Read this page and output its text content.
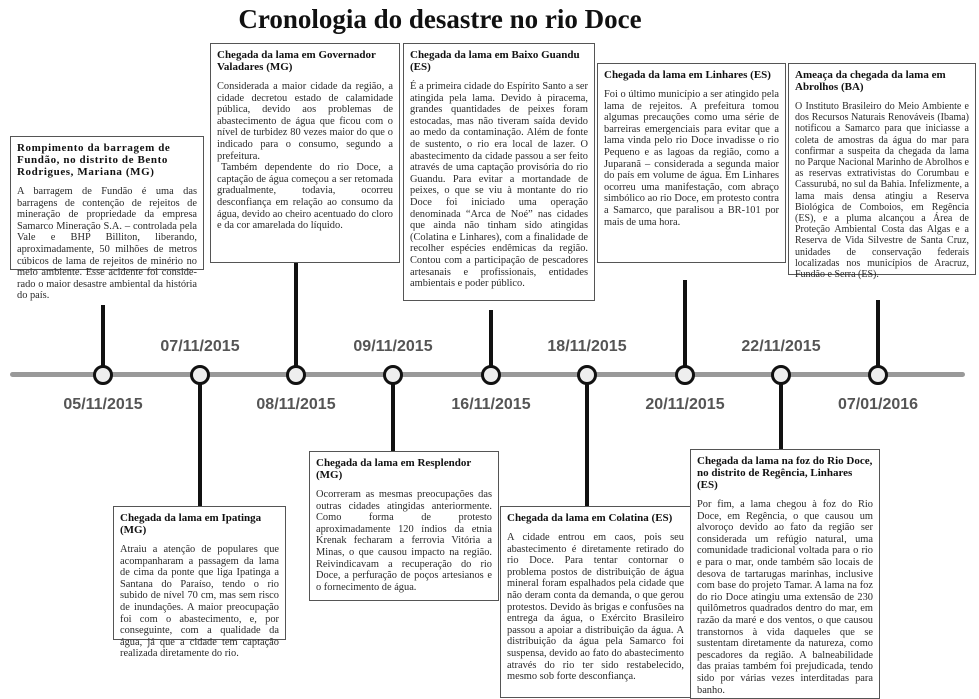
Cronologia do desastre no rio Doce
05/11/2015
07/11/2015
08/11/2015
09/11/2015
16/11/2015
18/11/2015
20/11/2015
22/11/2015
07/01/2016
Rompimento da barragem de Fundão, no distrito de Bento Rodrigues, Mariana (MG)

A barragem de Fundão é uma das barragens de contenção de rejeitos de mineração de propriedade da empresa Samarco Mineração S.A. – controlada pela Vale e BHP Billiton, liberando, aproximadamente, 50 milhões de metros cúbicos de lama de rejeitos de minério no meio ambiente. Esse acidente foi conside-rado o maior desastre ambiental da história do país.

Chegada da lama em Ipatinga (MG)

Atraiu a atenção de populares que acompanharam a passagem da lama de cima da ponte que liga Ipatinga a Santana do Paraíso, tendo o rio subido de nível 70 cm, mas sem risco de inundações. A maior preocupação foi com o abastecimento, e, por conseguinte, com a qualidade da água, já que a cidade tem captação realizada diretamente do rio.

Chegada da lama em Governador Valadares (MG)

Considerada a maior cidade da região, a cidade decretou estado de calamidade pública, devido aos problemas de abastecimento de água que ficou com o nível de turbidez 80 vezes maior do que o indicado para o consumo, segundo a prefeitura.

Também dependente do rio Doce, a captação de água começou a ser retomada gradualmente, todavia, ocorreu desconfiança em relação ao consumo da água, devido ao cheiro acentuado do cloro e da cor amarelada do líquido.

Chegada da lama em Resplendor (MG)

Ocorreram as mesmas preocupações das outras cidades atingidas anteriormente. Como forma de protesto aproximadamente 120 índios da etnia Krenak fecharam a ferrovia Vitória a Minas, o que causou impacto na região. Reivindicavam a recuperação do rio Doce, a perfuração de poços artesianos e o fornecimento de água.

Chegada da lama em Baixo Guandu (ES)

É a primeira cidade do Espírito Santo a ser atingida pela lama. Devido à piracema, grandes quantidades de peixes foram estocadas, mas não tiveram saída devido ao medo da contaminação. Além de fonte de sustento, o rio era local de lazer. O abastecimento da cidade passou a ser feito através de uma captação provisória do rio Guandu. Para evitar a mortandade de peixes, o que se viu à montante do rio Doce foi iniciado uma operação denominada “Arca de Noé” nas cidades que ainda não tinham sido atingidas (Colatina e Linhares), com a finalidade de recolher espécies endêmicas da região. Contou com a participação de pescadores artesanais e profissionais, entidades ambientais e poder público.

Chegada da lama em Colatina (ES)

A cidade entrou em caos, pois seu abastecimento é diretamente retirado do rio Doce. Para tentar contornar o problema postos de distribuição de água mineral foram espalhados pela cidade que não deram conta da demanda, o que gerou protestos. Devido às brigas e confusões na entrega da água, o Exército Brasileiro passou a apoiar a distribuição da água. A distribuição da água pela Samarco foi suspensa, devido ao fato do abastecimento através do rio ter sido restabelecido, mesmo sob forte desconfiança.

Chegada da lama em Linhares (ES)

Foi o último município a ser atingido pela lama de rejeitos. A prefeitura tomou algumas precauções como uma série de barreiras emergenciais para evitar que a lama vinda pelo rio Doce invadisse o rio Pequeno e as lagoas da região, como a Juparanã – considerada a segunda maior do país em volume de água. Em Linhares ocorreu uma manifestação, com abraço simbólico ao rio Doce, em protesto contra a Samarco, que paralisou a BR-101 por mais de uma hora.

Chegada da lama na foz do Rio Doce, no distrito de Regência, Linhares (ES)

Por fim, a lama chegou à foz do Rio Doce, em Regência, o que causou um alvoroço devido ao fato da região ser considerada um refúgio natural, uma comunidade tradicional voltada para o rio e para o mar, onde também são locais de desova de tartarugas marinhas, inclusive com base do projeto Tamar. A lama na foz do rio Doce atingiu uma extensão de 230 quilômetros quadrados dentro do mar, em razão da maré e dos ventos, o que causou transtornos à vida daqueles que se sustentam diretamente da natureza, como pescadores da região. A balneabilidade das praias também foi prejudicada, tendo sido por várias vezes interditadas para banho.

Ameaça da chegada da lama em Abrolhos (BA)

O Instituto Brasileiro do Meio Ambiente e dos Recursos Naturais Renováveis (Ibama) notificou a Samarco para que iniciasse a coleta de amostras da água do mar para confirmar a suspeita da chegada da lama no Parque Nacional Marinho de Abrolhos e as reservas extrativistas do Corumbau e Cassurubá, no sul da Bahia. Infelizmente, a lama mais densa atingiu a Reserva Biológica de Comboios, em Regência (ES), e a pluma alcançou a Área de Proteção Ambiental Costa das Algas e a Reserva de Vida Silvestre de Santa Cruz, unidades de conservação federais localizadas nos municípios de Aracruz, Fundão e Serra (ES).
